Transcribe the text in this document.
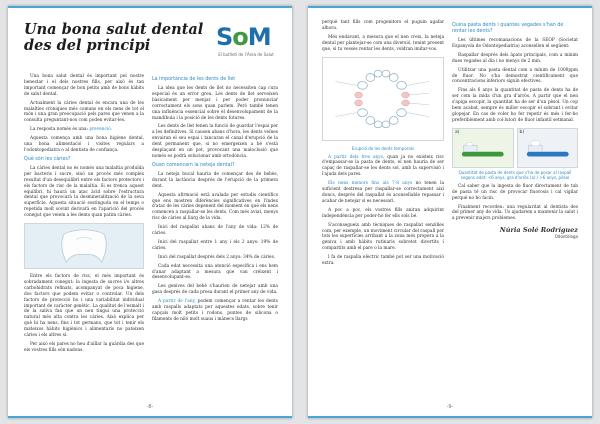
Una bona salut dental des del principi	SoM
El butlletí de l'Àrea de Salut

Una bona salut dental és important pel nostre benestar i el dels nostres fills, per això és tan important començar de bon petits amb de bons hàbits de salut dental.

Actualment la càries dental és encara una de les malalties cròniques més comuns en els nens de tot el món i una gran preocupació pels pares que venen a la consulta preguntant-nos com poden evitar-les.

La resposta només és una: prevenció.

Aquesta comença amb una bona higiene dental, una bona alimentació i visites regulars a l'odontopediatra o al dentista de confiança.

Què són les càries?

La càries dental no és només una malaltia produïda per bacteris i sucre, sinó un procés més complex resultat d'un desequilibri entre els factors protectors i els factors de risc de la malaltia. Si es trenca aquest equilibri, hi haurà un atac àcid sobre l'estructura dental que provocarà la desmineralització de la seva superfície. Aquesta situació sostinguda en el temps o repetida molt sovint derivarà en l'aparició del procés conegut que veiem a les dents quan patim càries.

Entre els factors de risc, el més important és sobradament conegut: la ingesta de sucres i/o altres carbohidrats refinats, acompanyat de poca higiene, dos factors que podem evitar o controlar. Un dels factors de protecció bo i una variabilitat individual important de caràcter genètic. La qualitat de l'esmalt i de la saliva fan que un nen tingui una protecció natural més alta contra les càries. Això explica per què hi ha nens, fins i tot germans, que tot i tenir els mateixos hàbits higiènics i alimentaris no pateixen càries i els altres sí.

Per això els pares no heu d'aïllar la guàrdia des que els vostres fills són nadons.

La importància de les dents de llet

La idea que les dents de llet no necessiten cap cura especial és un error greu. Les dents de llet serveixen bàsicament per menjar i per poder pronunciar correctament els sons quan parlem. Però també tenen una influència essencial sobre el desenvolupament de la mandíbula i la posició de les dents futures.

Les dents de llet tenen la funció de guardar l'espai per a les definitives. Si causen abans d'hora, les dents veïnes envairan el seu espai i tancaran el canal d'erupció de la dent permanent que, si no emergeixen a bé s'està desplaçant en un pot, provocant una maloclusió que només es podrà solucionar amb ortodòncia.

Quan comencem la neteja dental?

La neteja bucal hauria de començar des de bebès, durant la lactància després de l'erupció de la primera dent.

Aquesta afirmació està avalada per estudis científics que ens mostren diferències significatives en l'índex d'atac de les càries depenent del moment en què els nens comencen a raspallar-se les dents. Com més aviat, menys risc de càries al llarg de la vida.

Inici del raspallat abans de l'any de vida: 12% de càries.

Inici del raspallat entre 1 any i els 2 anys: 19% de càries.

Inici del raspallat després dels 2 anys: 34% de càries.

Cada edat necessita una atenció específica i ens hem d'anar adaptant a mesura que van créixent i desenvolupant-se.

Les genives del bebè s'haurien de netejar amb una gasa després de cada presa durant el primer any de vida.

A partir de l'any, podem començar a rentar les dents amb raspalls adaptats per aquestes edats, sobre tenir capçals molt petits i rodons, puntes de silicona o filaments de niló molt suaus i mànecs llargs

-8-

perquè tant fills com progenitors el puguin agafar alhora.

Més endavant, a mesura que el nen creix, la neteja dental per plantejar-se com una diversió, tenint present que, si tu vesses rentar les dents, voldran imitar-vos.

Erupció de les dents temporals

A partir dels tres anys, quan ja no existeix risc d'empassar-se la pasta de dents, el nen hauria de ser capaç de raspallar-se les dents sol, amb la supervisió i l'ajuda dels pares.

Els nens menors fins als 7-8 anys no tenen la suficient destresa per raspallar-se correctament així doncs, després del raspallat és aconsellable repassar i acabar de netejar si es necessari.

A poc a poc, els vostres fills aniran adquirint independència per poder-ho fer ells sols bé.

S'aconsegueix amb tècniques de raspallat senzilles com, per exemple, un moviment circular del raspall per tots les superfícies arribant a la zona més propera a la geniva i amb hàbits rutinaris sobretot divertits i compartits amb el pare o la mare.

I fa de raspalla elèctric també pot ser una motivació extra.

Quina pasta dents i quantes vegades s'han de rentar les dents?

Les últimes recomanacions de la SEOP (Societat Espanyola de Odontopediatria) aconsellen el següent:

Raspallar després dels àpats principals, com a mínim dues vegades al dia i no menys de 2 min.

Utilitzar una pasta dental com a mínim de 1000ppm de fluor. No s'ha demostrat científicament que concentracions inferiors siguin efectives.

Fins als 6 anys la quantitat de pasta de dents ha de ser com la mida d'un gra d'arròs. A partir que el nen s'apiga escopir, la quantitat ha de ser d'un pèsol. Un cop bem acabat, sempre és millor escopir el sobrant i evitar glopejar. En cas de voler ho fer repetir és més i fer-ho preferiblement amb col·lutori de fluor infantil setmanal.

a)	b)
Quantitat de pasta de dents que s'ha de posar al raspall segons edat: <6 anys, gra d'arròs (a) / >6 anys, pèsol

Cal saber que la ingesta de fluor directament de tub de pasta té un risc de provocar fluorosis i cal vigilar perquè no ho facin.

Finalment recordeu: una regularitat al dentista des del primer any de vida. Us ajudarem a mantenir la salut i a prevenir majors problemes.

Núria Solé Rodríguez
Odontòloga
-9-
